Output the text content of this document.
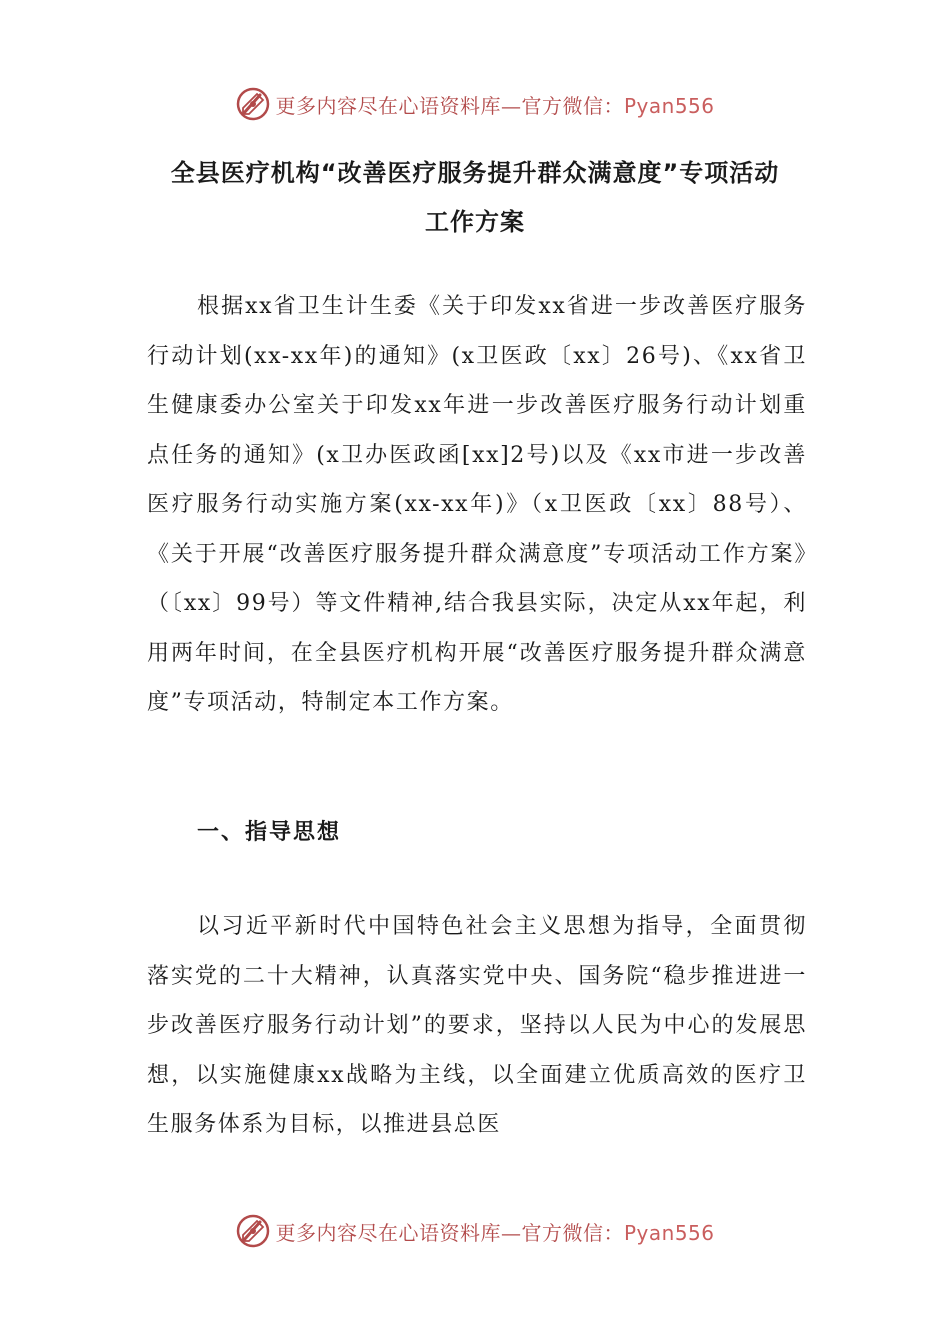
更多内容尽在心语资料库—官方微信：Pyan556
全县医疗机构“改善医疗服务提升群众满意度”专项活动
工作方案

根据xx省卫生计生委《关于印发xx省进一步改善医疗服务行动计划(xx-xx年)的通知》(x卫医政〔xx〕26号)、《xx省卫生健康委办公室关于印发xx年进一步改善医疗服务行动计划重点任务的通知》(x卫办医政函[xx]2号)以及《xx市进一步改善医疗服务行动实施方案(xx-xx年)》（x卫医政〔xx〕88号）、《关于开展“改善医疗服务提升群众满意度”专项活动工作方案》（〔xx〕99号）等文件精神,结合我县实际，决定从xx年起，利用两年时间，在全县医疗机构开展“改善医疗服务提升群众满意度”专项活动，特制定本工作方案。

一、指导思想

以习近平新时代中国特色社会主义思想为指导，全面贯彻落实党的二十大精神，认真落实党中央、国务院“稳步推进进一步改善医疗服务行动计划”的要求，坚持以人民为中心的发展思想，以实施健康xx战略为主线，以全面建立优质高效的医疗卫生服务体系为目标，以推进县总医

更多内容尽在心语资料库—官方微信：Pyan556
